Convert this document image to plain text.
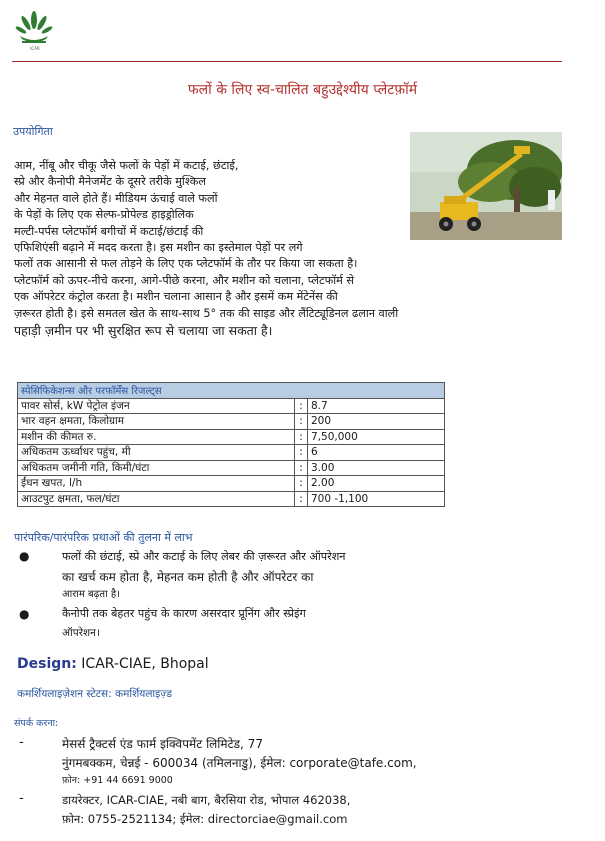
ICAR
फलों के लिए स्व-चालित बहुउद्देश्यीय प्लेटफ़ॉर्म
उपयोगिता

आम, नींबू और चीकू जैसे फलों के पेड़ों में कटाई, छंटाई,

स्प्रे और कैनोपी मैनेजमेंट के दूसरे तरीके मुश्किल

और मेहनत वाले होते हैं। मीडियम ऊंचाई वाले फलों

के पेड़ों के लिए एक सेल्फ-प्रोपेल्ड हाइड्रोलिक

मल्टी-पर्पस प्लेटफॉर्म बगीचों में कटाई/छंटाई की

एफिशिएंसी बढ़ाने में मदद करता है। इस मशीन का इस्तेमाल पेड़ों पर लगे

फलों तक आसानी से फल तोड़ने के लिए एक प्लेटफॉर्म के तौर पर किया जा सकता है।

प्लेटफॉर्म को ऊपर-नीचे करना, आगे-पीछे करना, और मशीन को चलाना, प्लेटफॉर्म से

एक ऑपरेटर कंट्रोल करता है। मशीन चलाना आसान है और इसमें कम मेंटेनेंस की

ज़रूरत होती है। इसे समतल खेत के साथ-साथ 5° तक की साइड और लैंटिट्यूडिनल ढलान वाली

पहाड़ी ज़मीन पर भी सुरक्षित रूप से चलाया जा सकता है।

स्पेसिफिकेशन्स और परफॉर्मेंस रिजल्ट्स		
पावर सोर्स, kW पेट्रोल इंजन	:	8.7
भार वहन क्षमता, किलोग्राम	:	200
मशीन की कीमत रु.	:	7,50,000
अधिकतम ऊर्ध्वाधर पहुंच, मी	:	6
अधिकतम जमीनी गति, किमी/घंटा	:	3.00
ईंधन खपत, l/h	:	2.00
आउटपुट क्षमता, फल/घंटा	:	700 -1,100
पारंपरिक/पारंपरिक प्रथाओं की तुलना में लाभ
●	फलों की छंटाई, स्प्रे और कटाई के लिए लेबर की ज़रूरत और ऑपरेशन
का खर्च कम होता है, मेहनत कम होती है और ऑपरेटर का
आराम बढ़ता है।
●	कैनोपी तक बेहतर पहुंच के कारण असरदार प्रूनिंग और स्प्रेइंग
ऑपरेशन।
Design: ICAR-CIAE, Bhopal
कमर्शियलाइज़ेशन स्टेटस: कमर्शियलाइज़्ड
संपर्क करना:
-	मेसर्स ट्रैक्टर्स एंड फार्म इक्विपमेंट लिमिटेड, 77
नुंगमबक्कम, चेन्नई - 600034 (तमिलनाडु), ईमेल: corporate@tafe.com,
फ़ोन: +91 44 6691 9000
-	डायरेक्टर, ICAR-CIAE, नबी बाग, बैरसिया रोड, भोपाल 462038,
फ़ोन: 0755-2521134; ईमेल: directorciae@gmail.com
